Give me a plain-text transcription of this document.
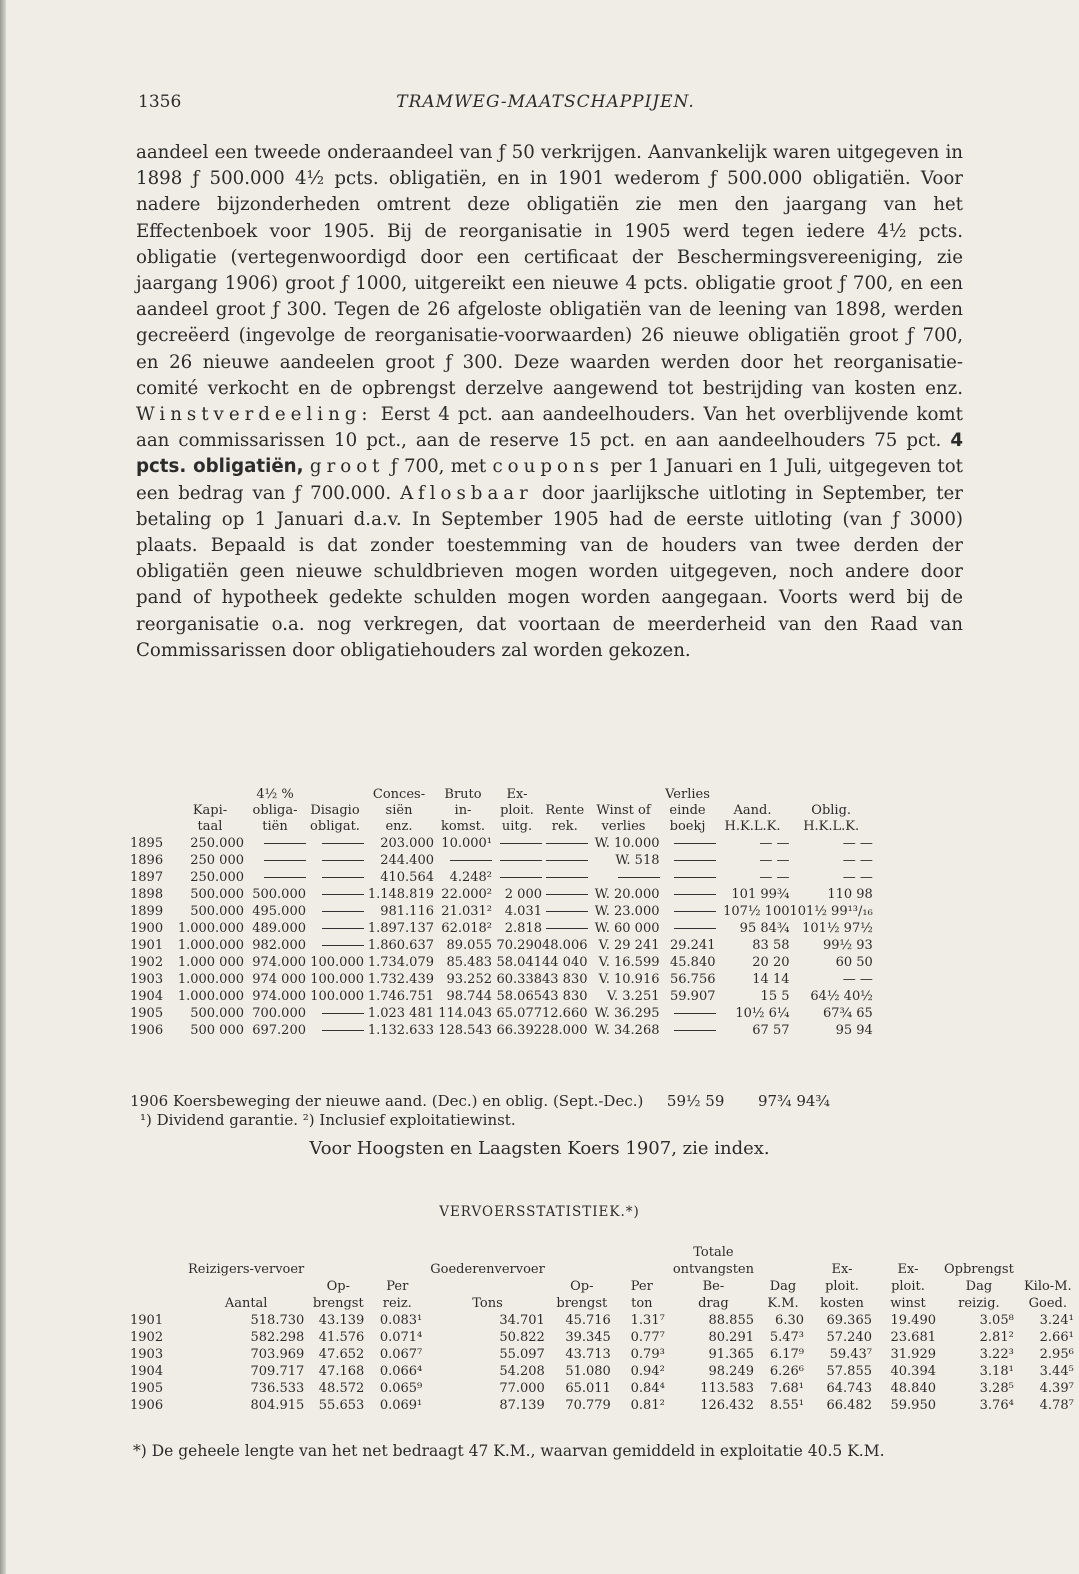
1356	TRAMWEG-MAATSCHAPPIJEN.

aandeel een tweede onderaandeel van ƒ 50 verkrijgen. Aanvankelijk waren uitgegeven in 1898 ƒ 500.000 4½ pcts. obligatiën, en in 1901 wederom ƒ 500.000 obligatiën. Voor nadere bijzonderheden omtrent deze obligatiën zie men den jaargang van het Effectenboek voor 1905. Bij de reorganisatie in 1905 werd tegen iedere 4½ pcts. obligatie (vertegenwoordigd door een certificaat der Beschermingsvereeniging, zie jaargang 1906) groot ƒ 1000, uitgereikt een nieuwe 4 pcts. obligatie groot ƒ 700, en een aandeel groot ƒ 300. Tegen de 26 afgeloste obligatiën van de leening van 1898, werden gecreëerd (ingevolge de reorganisatie-voorwaarden) 26 nieuwe obligatiën groot ƒ 700, en 26 nieuwe aandeelen groot ƒ 300. Deze waarden werden door het reorganisatie-comité verkocht en de opbrengst derzelve aangewend tot bestrijding van kosten enz. Winstverdeeling: Eerst 4 pct. aan aandeelhouders. Van het overblijvende komt aan commissarissen 10 pct., aan de reserve 15 pct. en aan aandeelhouders 75 pct. 4 pcts. obligatiën, groot ƒ 700, met coupons per 1 Januari en 1 Juli, uitgegeven tot een bedrag van ƒ 700.000. Aflosbaar door jaarlijksche uitloting in September, ter betaling op 1 Januari d.a.v. In September 1905 had de eerste uitloting (van ƒ 3000) plaats. Bepaald is dat zonder toestemming van de houders van twee derden der obligatiën geen nieuwe schuldbrieven mogen worden uitgegeven, noch andere door pand of hypotheek gedekte schulden mogen worden aangegaan. Voorts werd bij de reorganisatie o.a. nog verkregen, dat voortaan de meerderheid van den Raad van Commissarissen door obligatiehouders zal worden gekozen.

		4½ %		Conces-	Bruto	Ex-			Verlies		
	Kapi-	obliga-	Disagio	siën	in-	ploit.	Rente	Winst of	einde	Aand.	Oblig.
	taal	tiën	obligat.	enz.	komst.	uitg.	rek.	verlies	boekj	H.K.L.K.	H.K.L.K.
1895	250.000			203.000	10.000¹			W. 10.000		— —	— —
1896	250 000			244.400				W. 518		— —	— —
1897	250.000			410.564	4.248²					— —	— —
1898	500.000	500.000		1.148.819	22.000²	2 000		W. 20.000		101 99¾	110 98
1899	500.000	495.000		981.116	21.031²	4.031		W. 23.000		107½ 100	101½ 99¹³/₁₆
1900	1.000.000	489.000		1.897.137	62.018²	2.818		W. 60 000		95 84¾	101½ 97½
1901	1.000.000	982.000		1.860.637	89.055	70.290	48.006	V. 29 241	29.241	83 58	99½ 93
1902	1.000 000	974.000	100.000	1.734.079	85.483	58.041	44 040	V. 16.599	45.840	20 20	60 50
1903	1.000.000	974 000	100.000	1.732.439	93.252	60.338	43 830	V. 10.916	56.756	14 14	— —
1904	1.000.000	974.000	100.000	1.746.751	98.744	58.065	43 830	V. 3.251	59.907	15 5	64½ 40½
1905	500.000	700.000		1.023 481	114.043	65.077	12.660	W. 36.295		10½ 6¼	67¾ 65
1906	500 000	697.200		1.132.633	128.543	66.392	28.000	W. 34.268		67 57	95 94
1906 Koersbeweging der nieuwe aand. (Dec.) en oblig. (Sept.-Dec.) 59½ 59 97¾ 94¾
¹) Dividend garantie. ²) Inclusief exploitatiewinst.
Voor Hoogsten en Laagsten Koers 1907, zie index.
VERVOERSSTATISTIEK.*)
							Totale					
	Reizigers-vervoer			Goederenvervoer			ontvangsten		Ex-	Ex-	Opbrengst	
		Op-	Per		Op-	Per	Be-	Dag	ploit.	ploit.	Dag	Kilo-M.
	Aantal	brengst	reiz.	Tons	brengst	ton	drag	K.M.	kosten	winst	reizig.	Goed.
1901	518.730	43.139	0.083¹	34.701	45.716	1.31⁷	88.855	6.30	69.365	19.490	3.05⁸	3.24¹
1902	582.298	41.576	0.071⁴	50.822	39.345	0.77⁷	80.291	5.47³	57.240	23.681	2.81²	2.66¹
1903	703.969	47.652	0.067⁷	55.097	43.713	0.79³	91.365	6.17⁹	59.43⁷	31.929	3.22³	2.95⁶
1904	709.717	47.168	0.066⁴	54.208	51.080	0.94²	98.249	6.26⁶	57.855	40.394	3.18¹	3.44⁵
1905	736.533	48.572	0.065⁹	77.000	65.011	0.84⁴	113.583	7.68¹	64.743	48.840	3.28⁵	4.39⁷
1906	804.915	55.653	0.069¹	87.139	70.779	0.81²	126.432	8.55¹	66.482	59.950	3.76⁴	4.78⁷
*) De geheele lengte van het net bedraagt 47 K.M., waarvan gemiddeld in exploitatie 40.5 K.M.
